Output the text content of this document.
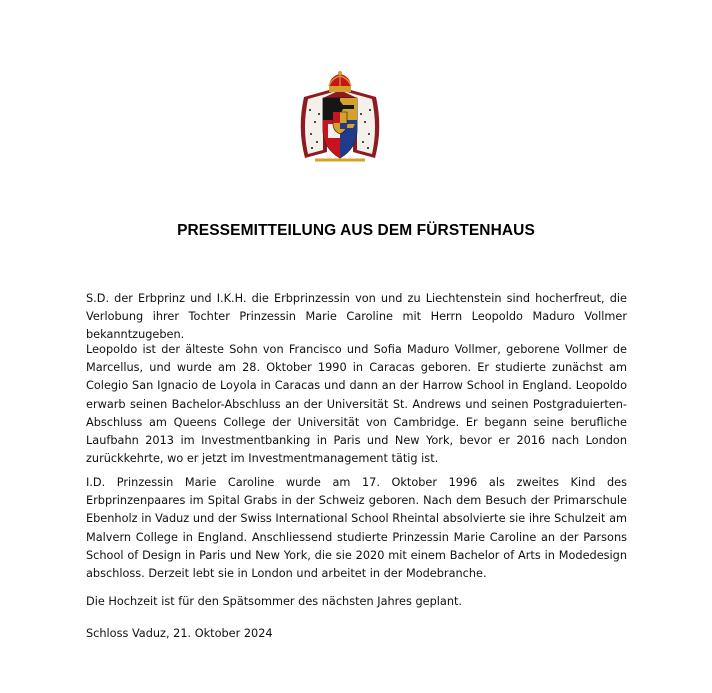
PRESSEMITTEILUNG AUS DEM FÜRSTENHAUS

S.D. der Erbprinz und I.K.H. die Erbprinzessin von und zu Liechtenstein sind hocherfreut, die Verlobung ihrer Tochter Prinzessin Marie Caroline mit Herrn Leopoldo Maduro Vollmer bekanntzugeben.

Leopoldo ist der älteste Sohn von Francisco und Sofia Maduro Vollmer, geborene Vollmer de Marcellus, und wurde am 28. Oktober 1990 in Caracas geboren. Er studierte zunächst am Colegio San Ignacio de Loyola in Caracas und dann an der Harrow School in England. Leopoldo erwarb seinen Bachelor-Abschluss an der Universität St. Andrews und seinen Postgraduierten-Abschluss am Queens College der Universität von Cambridge. Er begann seine berufliche Laufbahn 2013 im Investmentbanking in Paris und New York, bevor er 2016 nach London zurückkehrte, wo er jetzt im Investmentmanagement tätig ist.

I.D. Prinzessin Marie Caroline wurde am 17. Oktober 1996 als zweites Kind des Erbprinzenpaares im Spital Grabs in der Schweiz geboren. Nach dem Besuch der Primarschule Ebenholz in Vaduz und der Swiss International School Rheintal absolvierte sie ihre Schulzeit am Malvern College in England. Anschliessend studierte Prinzessin Marie Caroline an der Parsons School of Design in Paris und New York, die sie 2020 mit einem Bachelor of Arts in Modedesign abschloss. Derzeit lebt sie in London und arbeitet in der Modebranche.

Die Hochzeit ist für den Spätsommer des nächsten Jahres geplant.

Schloss Vaduz, 21. Oktober 2024
